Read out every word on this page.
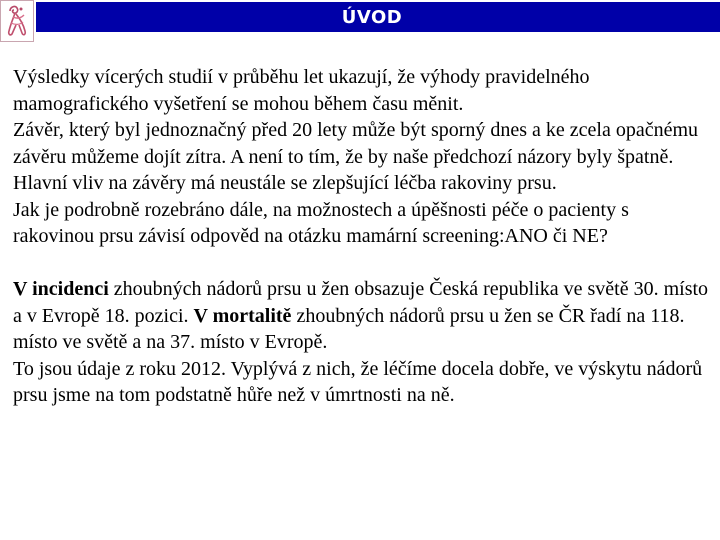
ÚVOD

Výsledky vícerých studií v průběhu let ukazují, že výhody pravidelného mamografického vyšetření se mohou během času měnit.

Závěr, který byl jednoznačný před 20 lety může být sporný dnes a ke zcela opačnému závěru můžeme dojít zítra. A není to tím, že by naše předchozí názory byly špatně. Hlavní vliv na závěry má neustále se zlepšující léčba rakoviny prsu.

Jak je podrobně rozebráno dále, na možnostech a úpěšnosti péče o pacienty s rakovinou prsu závisí odpověd na otázku mamární screening:ANO či NE?

V incidenci zhoubných nádorů prsu u žen obsazuje Česká republika ve světě 30. místo a v Evropě 18. pozici. V mortalitě zhoubných nádorů prsu u žen se ČR řadí na 118. místo ve světě a na 37. místo v Evropě.

To jsou údaje z roku 2012. Vyplývá z nich, že léčíme docela dobře, ve výskytu nádorů prsu jsme na tom podstatně hůře než v úmrtnosti na ně.
